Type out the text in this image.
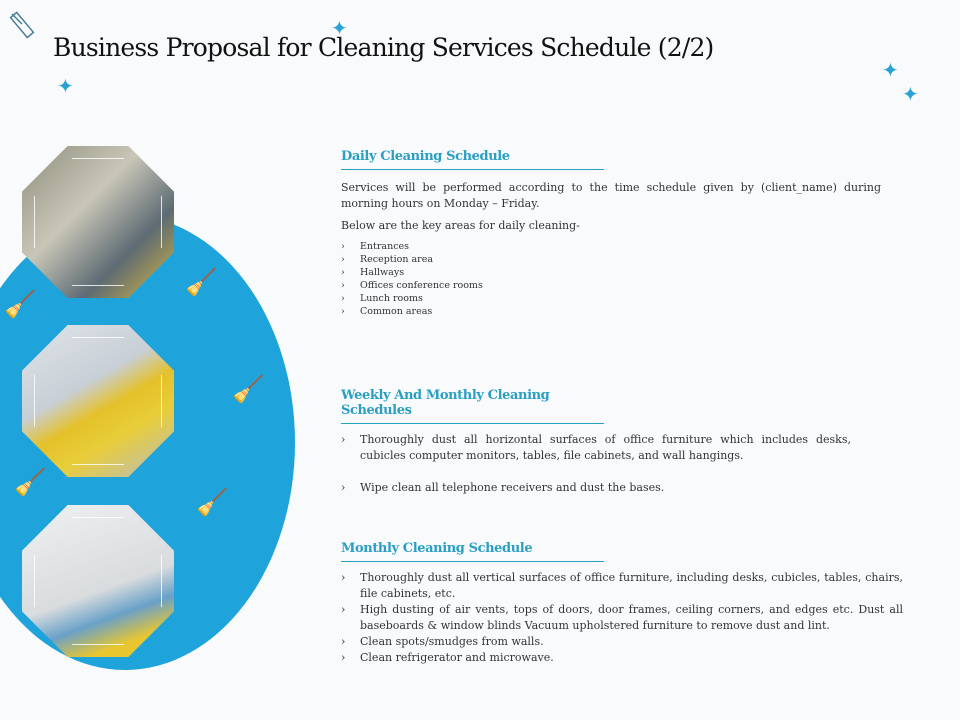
Business Proposal for Cleaning Services Schedule (2/2)
✦
✦
✦
✦
🧹
🧹
🧹
🧹
🧹
Daily Cleaning Schedule

Services will be performed according to the time schedule given by (client_name) during morning hours on Monday – Friday.

Below are the key areas for daily cleaning-

› Entrances
› Reception area
› Hallways
› Offices conference rooms
› Lunch rooms
› Common areas
Weekly And Monthly Cleaning Schedules
› Thoroughly dust all horizontal surfaces of office furniture which includes desks, cubicles computer monitors, tables, file cabinets, and wall hangings.
› Wipe clean all telephone receivers and dust the bases.
Monthly Cleaning Schedule
› Thoroughly dust all vertical surfaces of office furniture, including desks, cubicles, tables, chairs, file cabinets, etc.
› High dusting of air vents, tops of doors, door frames, ceiling corners, and edges etc. Dust all baseboards & window blinds Vacuum upholstered furniture to remove dust and lint.
› Clean spots/smudges from walls.
› Clean refrigerator and microwave.
